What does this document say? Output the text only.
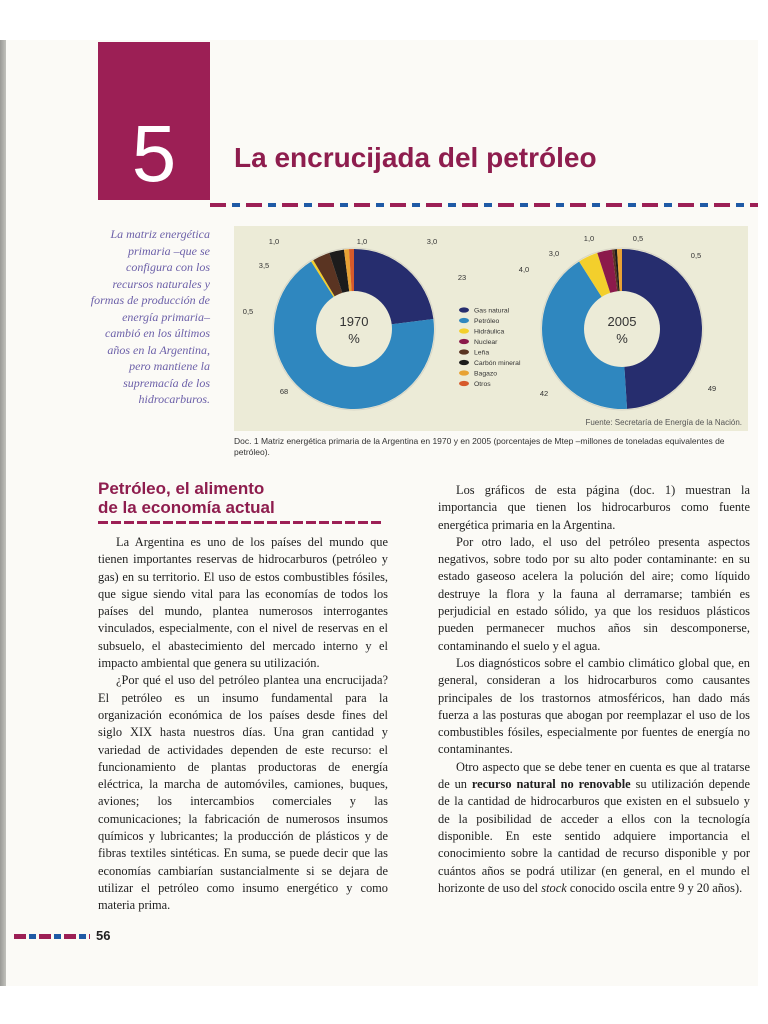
5	La encrucijada del petróleo
La matriz energética primaria –que se configura con los recursos naturales y formas de producción de energía primaria– cambió en los últimos años en la Argentina, pero mantiene la supremacía de los hidrocarburos.
1970
%
23
68
0,5
3,5
1,0	1,0	3,0
2005
%
49
42
4,0
3,0
1,0	0,5
0,5
Gas natural
Petróleo
Hidráulica
Nuclear
Leña
Carbón mineral
Bagazo
Otros
Fuente: Secretaría de Energía de la Nación.
Doc. 1 Matriz energética primaria de la Argentina en 1970 y en 2005 (porcentajes de Mtep –millones de toneladas equivalentes de petróleo).
Petróleo, el alimento
de la economía actual

La Argentina es uno de los países del mundo que tienen importantes reservas de hidrocarburos (petróleo y gas) en su territorio. El uso de estos combustibles fósiles, que sigue siendo vital para las economías de todos los países del mundo, plantea numerosos interrogantes vinculados, especialmente, con el nivel de reservas en el subsuelo, el abastecimiento del mercado interno y el impacto ambiental que genera su utilización.

¿Por qué el uso del petróleo plantea una encrucijada? El petróleo es un insumo fundamental para la organización económica de los países desde fines del siglo XIX hasta nuestros días. Una gran cantidad y variedad de actividades dependen de este recurso: el funcionamiento de plantas productoras de energía eléctrica, la marcha de automóviles, camiones, buques, aviones; los intercambios comerciales y las comunicaciones; la fabricación de numerosos insumos químicos y lubricantes; la producción de plásticos y de fibras textiles sintéticas. En suma, se puede decir que las economías cambiarían sustancialmente si se dejara de utilizar el petróleo como insumo energético y como materia prima.

Los gráficos de esta página (doc. 1) muestran la importancia que tienen los hidrocarburos como fuente energética primaria en la Argentina.

Por otro lado, el uso del petróleo presenta aspectos negativos, sobre todo por su alto poder contaminante: en su estado gaseoso acelera la polución del aire; como líquido destruye la flora y la fauna al derramarse; también es perjudicial en estado sólido, ya que los residuos plásticos pueden permanecer muchos años sin descomponerse, contaminando el suelo y el agua.

Los diagnósticos sobre el cambio climático global que, en general, consideran a los hidrocarburos como causantes principales de los trastornos atmosféricos, han dado más fuerza a las posturas que abogan por reemplazar el uso de los combustibles fósiles, especialmente por fuentes de energía no contaminantes.

Otro aspecto que se debe tener en cuenta es que al tratarse de un recurso natural no renovable su utilización depende de la cantidad de hidrocarburos que existen en el subsuelo y de la posibilidad de acceder a ellos con la tecnología disponible. En este sentido adquiere importancia el conocimiento sobre la cantidad de recurso disponible y por cuántos años se podrá utilizar (en general, en el mundo el horizonte de uso del stock conocido oscila entre 9 y 20 años).

56
